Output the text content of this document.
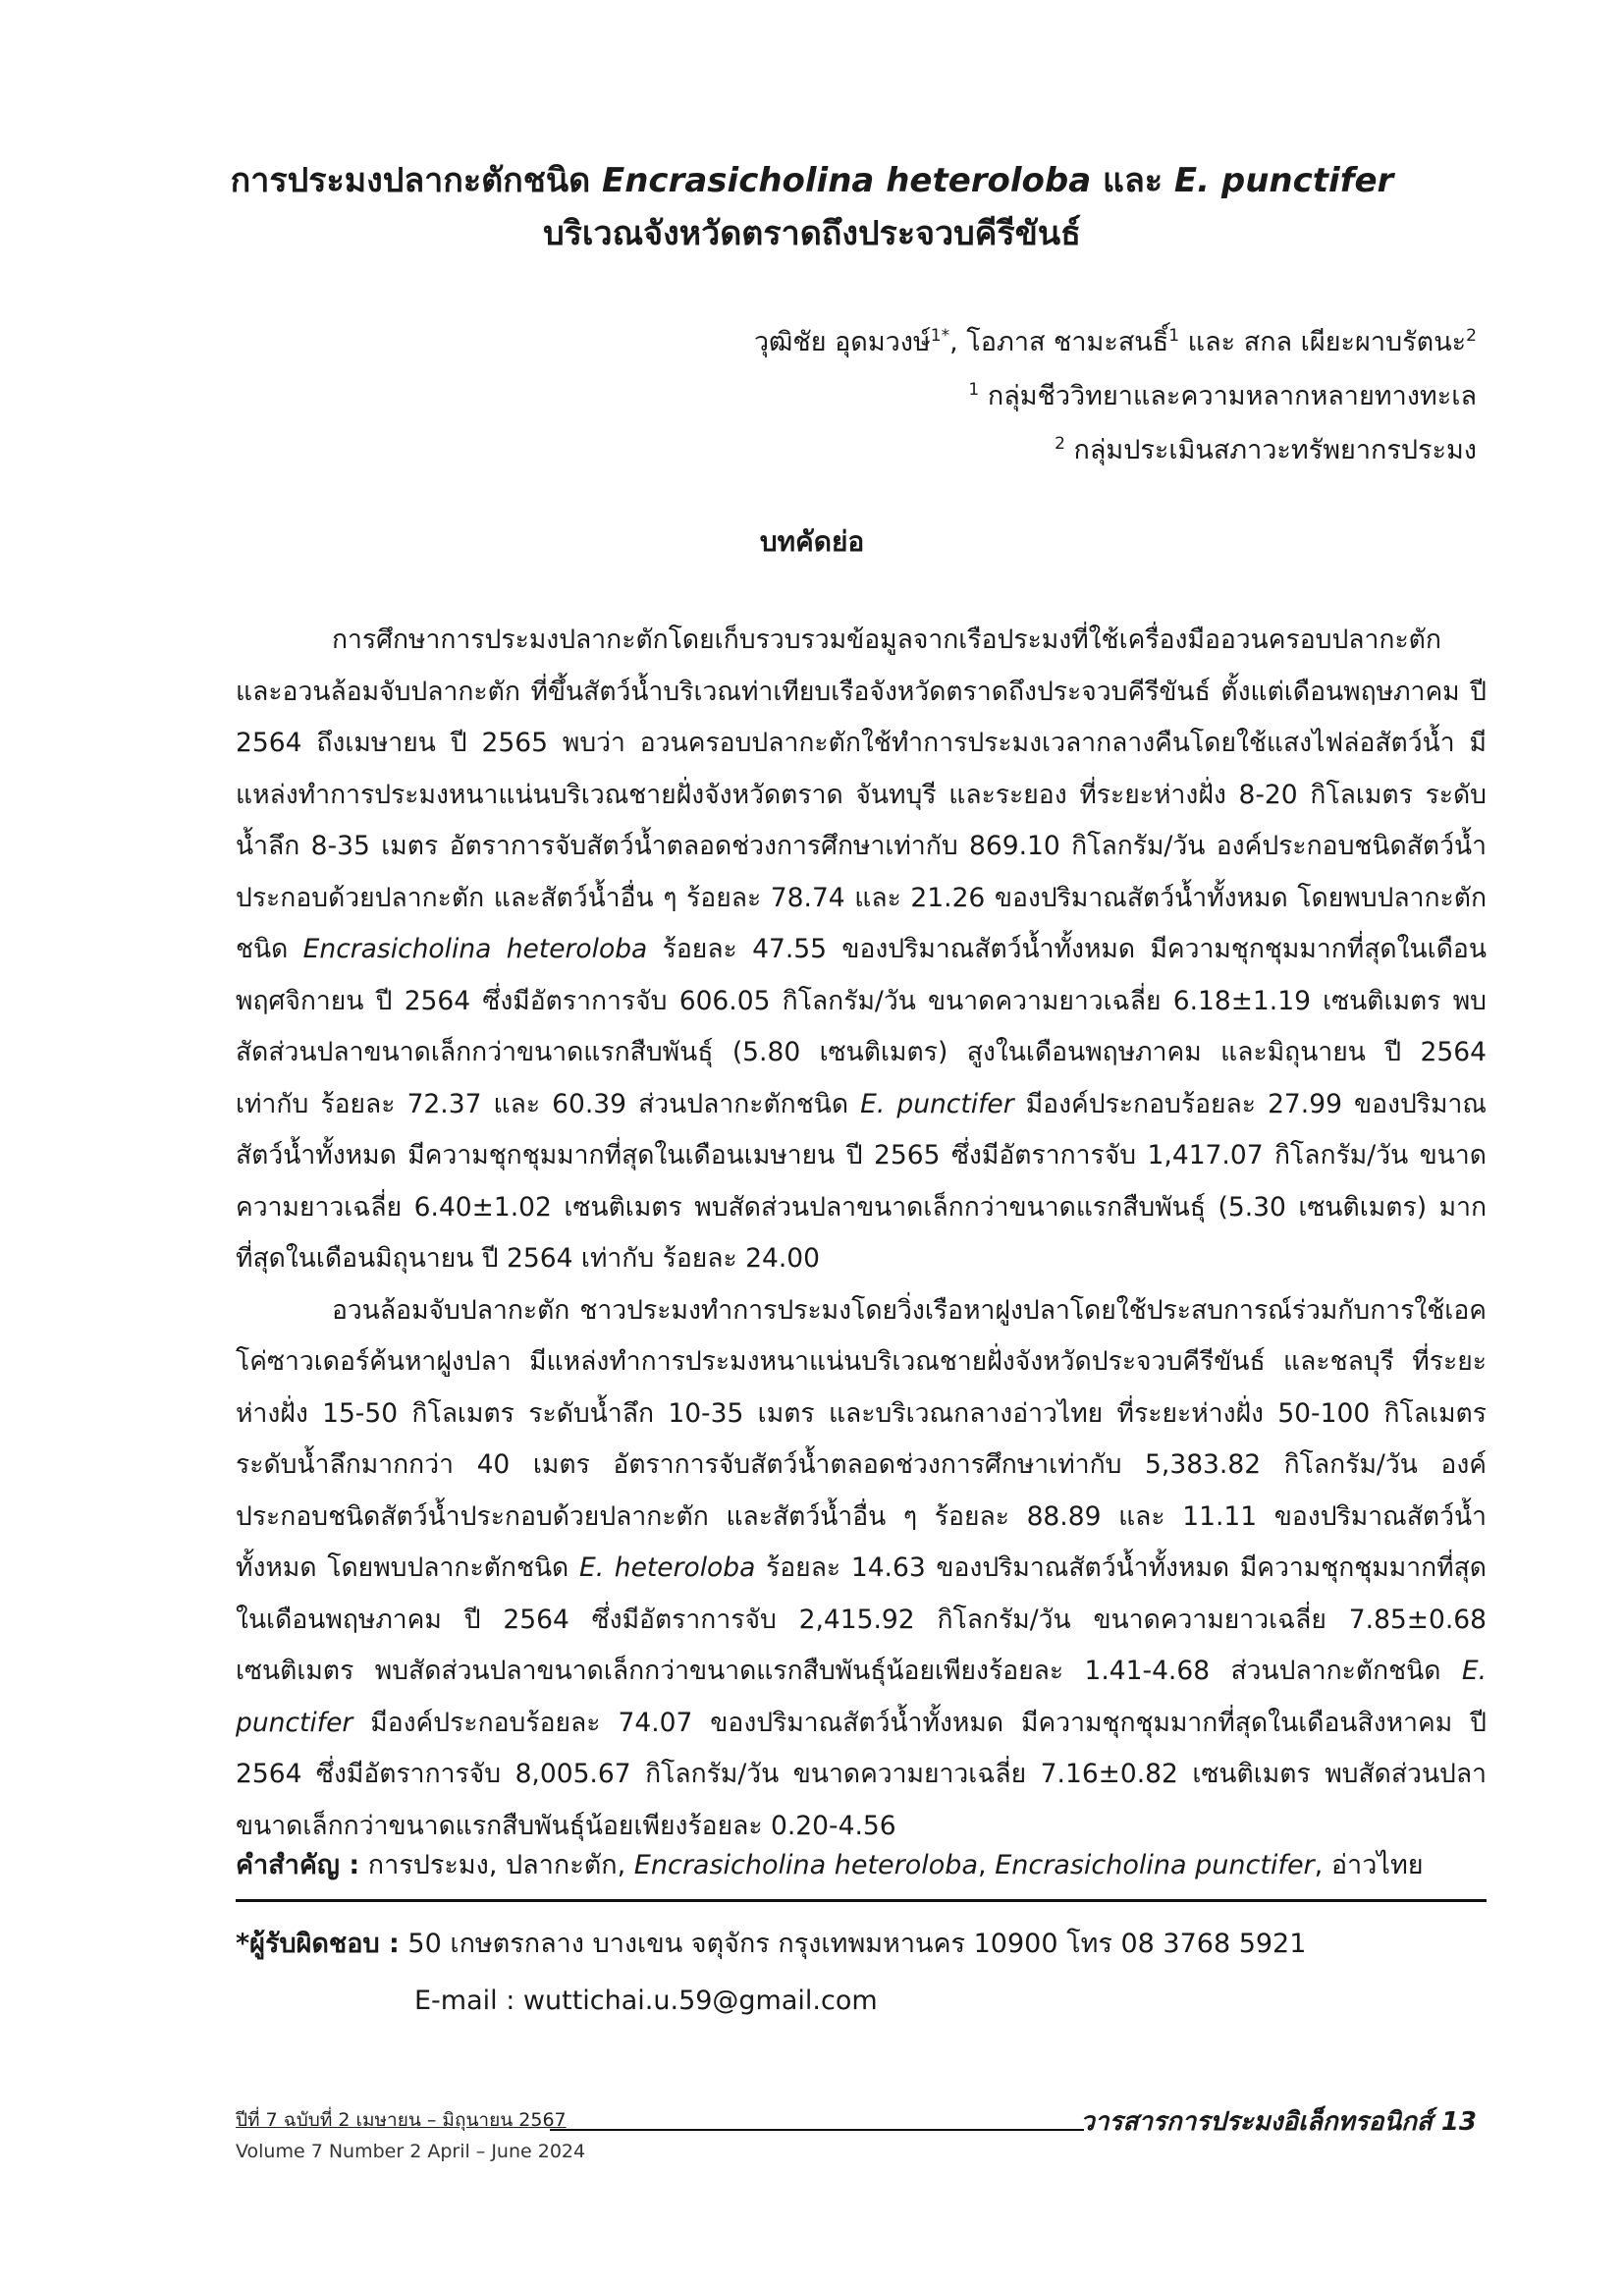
การประมงปลากะตักชนิด Encrasicholina heteroloba และ E. punctifer
บริเวณจังหวัดตราดถึงประจวบคีรีขันธ์
วุฒิชัย อุดมวงษ์$^{1*}$, โอภาส ชามะสนธิ์$^1$ และ สกล เผียะผาบรัตนะ$^2$
$^1$ กลุ่มชีววิทยาและความหลากหลายทางทะเล
$^2$ กลุ่มประเมินสภาวะทรัพยากรประมง
บทคัดย่อ

การศึกษาการประมงปลากะตักโดยเก็บรวบรวมข้อมูลจากเรือประมงที่ใช้เครื่องมืออวนครอบปลากะตัก และอวนล้อมจับปลากะตัก ที่ขึ้นสัตว์น้ำบริเวณท่าเทียบเรือจังหวัดตราดถึงประจวบคีรีขันธ์ ตั้งแต่เดือนพฤษภาคม ปี 2564 ถึงเมษายน ปี 2565 พบว่า อวนครอบปลากะตักใช้ทำการประมงเวลากลางคืนโดยใช้แสงไฟล่อสัตว์น้ำ มีแหล่งทำการประมงหนาแน่นบริเวณชายฝั่งจังหวัดตราด จันทบุรี และระยอง ที่ระยะห่างฝั่ง 8-20 กิโลเมตร ระดับน้ำลึก 8-35 เมตร อัตราการจับสัตว์น้ำตลอดช่วงการศึกษาเท่ากับ 869.10 กิโลกรัม/วัน องค์ประกอบชนิดสัตว์น้ำประกอบด้วยปลากะตัก และสัตว์น้ำอื่น ๆ ร้อยละ 78.74 และ 21.26 ของปริมาณสัตว์น้ำทั้งหมด โดยพบปลากะตักชนิด Encrasicholina heteroloba ร้อยละ 47.55 ของปริมาณสัตว์น้ำทั้งหมด มีความชุกชุมมากที่สุดในเดือนพฤศจิกายน ปี 2564 ซึ่งมีอัตราการจับ 606.05 กิโลกรัม/วัน ขนาดความยาวเฉลี่ย 6.18±1.19 เซนติเมตร พบสัดส่วนปลาขนาดเล็กกว่าขนาดแรกสืบพันธุ์ (5.80 เซนติเมตร) สูงในเดือนพฤษภาคม และมิถุนายน ปี 2564 เท่ากับ ร้อยละ 72.37 และ 60.39 ส่วนปลากะตักชนิด E. punctifer มีองค์ประกอบร้อยละ 27.99 ของปริมาณสัตว์น้ำทั้งหมด มีความชุกชุมมากที่สุดในเดือนเมษายน ปี 2565 ซึ่งมีอัตราการจับ 1,417.07 กิโลกรัม/วัน ขนาดความยาวเฉลี่ย 6.40±1.02 เซนติเมตร พบสัดส่วนปลาขนาดเล็กกว่าขนาดแรกสืบพันธุ์ (5.30 เซนติเมตร) มากที่สุดในเดือนมิถุนายน ปี 2564 เท่ากับ ร้อยละ 24.00

อวนล้อมจับปลากะตัก ชาวประมงทำการประมงโดยวิ่งเรือหาฝูงปลาโดยใช้ประสบการณ์ร่วมกับการใช้เอคโค่ซาวเดอร์ค้นหาฝูงปลา มีแหล่งทำการประมงหนาแน่นบริเวณชายฝั่งจังหวัดประจวบคีรีขันธ์ และชลบุรี ที่ระยะห่างฝั่ง 15-50 กิโลเมตร ระดับน้ำลึก 10-35 เมตร และบริเวณกลางอ่าวไทย ที่ระยะห่างฝั่ง 50-100 กิโลเมตร ระดับน้ำลึกมากกว่า 40 เมตร อัตราการจับสัตว์น้ำตลอดช่วงการศึกษาเท่ากับ 5,383.82 กิโลกรัม/วัน องค์ประกอบชนิดสัตว์น้ำประกอบด้วยปลากะตัก และสัตว์น้ำอื่น ๆ ร้อยละ 88.89 และ 11.11 ของปริมาณสัตว์น้ำทั้งหมด โดยพบปลากะตักชนิด E. heteroloba ร้อยละ 14.63 ของปริมาณสัตว์น้ำทั้งหมด มีความชุกชุมมากที่สุดในเดือนพฤษภาคม ปี 2564 ซึ่งมีอัตราการจับ 2,415.92 กิโลกรัม/วัน ขนาดความยาวเฉลี่ย 7.85±0.68 เซนติเมตร พบสัดส่วนปลาขนาดเล็กกว่าขนาดแรกสืบพันธุ์น้อยเพียงร้อยละ 1.41-4.68 ส่วนปลากะตักชนิด E. punctifer มีองค์ประกอบร้อยละ 74.07 ของปริมาณสัตว์น้ำทั้งหมด มีความชุกชุมมากที่สุดในเดือนสิงหาคม ปี 2564 ซึ่งมีอัตราการจับ 8,005.67 กิโลกรัม/วัน ขนาดความยาวเฉลี่ย 7.16±0.82 เซนติเมตร พบสัดส่วนปลาขนาดเล็กกว่าขนาดแรกสืบพันธุ์น้อยเพียงร้อยละ 0.20-4.56

คำสำคัญ : การประมง, ปลากะตัก, Encrasicholina heteroloba, Encrasicholina punctifer, อ่าวไทย
*ผู้รับผิดชอบ : 50 เกษตรกลาง บางเขน จตุจักร กรุงเทพมหานคร 10900 โทร 08 3768 5921
E-mail : wuttichai.u.59@gmail.com
ปีที่ 7 ฉบับที่ 2 เมษายน – มิถุนายน 2567	วารสารการประมงอิเล็กทรอนิกส์ 13
Volume 7 Number 2 April – June 2024
